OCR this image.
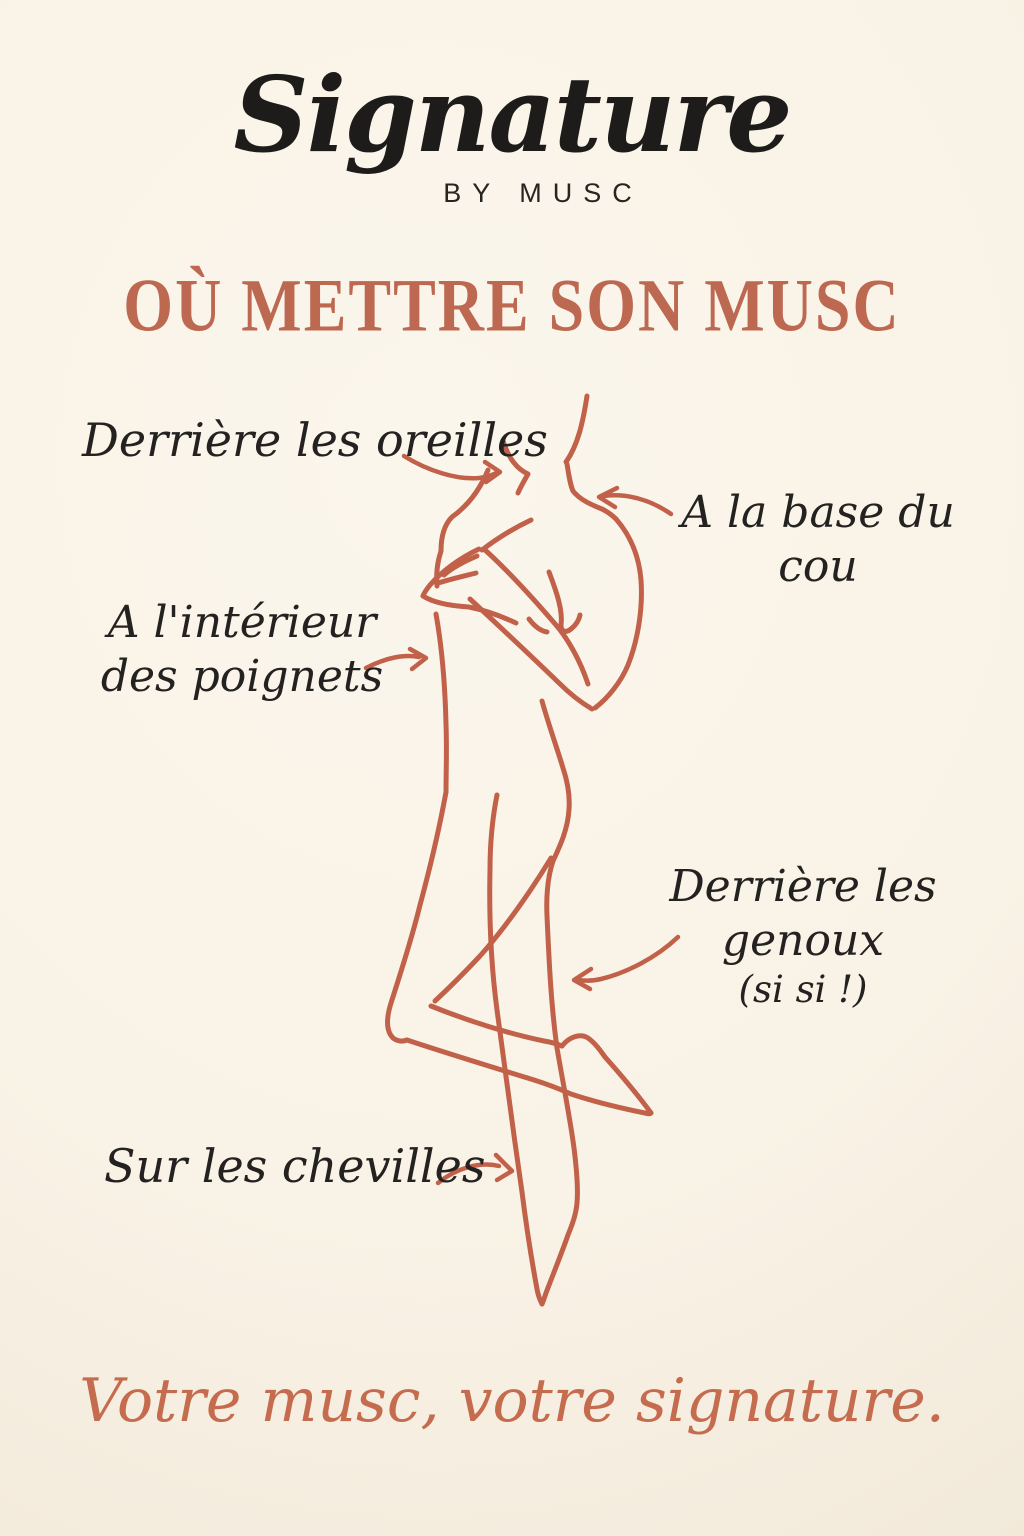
Signature
BY MUSC
OÙ METTRE SON MUSC
Derrière les oreilles
A la base du
cou
A l'intérieur
des poignets
Derrière les genoux
(si si !)
Sur les chevilles
Votre musc, votre signature.
